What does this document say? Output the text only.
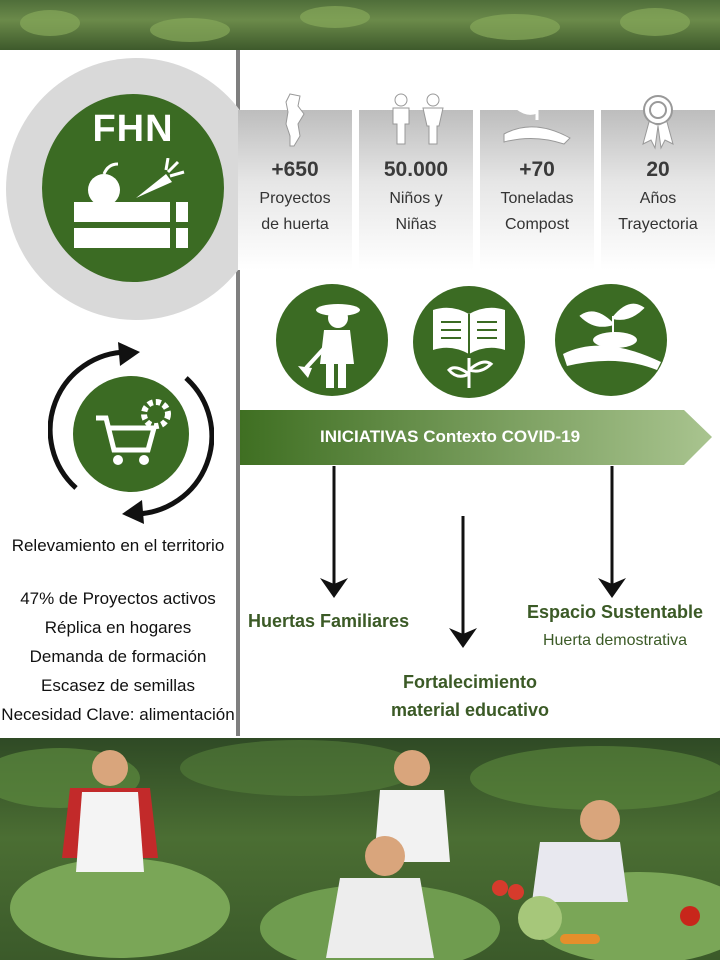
FHN
Relevamiento en el territorio
47% de Proyectos activos
Réplica en hogares
Demanda de formación
Escasez de semillas
Necesidad Clave: alimentación
+650
Proyectos
de huerta
50.000
Niños y
Niñas
+70
Toneladas
Compost
20
Años
Trayectoria
INICIATIVAS Contexto COVID-19
Huertas Familiares	Espacio Sustentable
Huerta demostrativa
Fortalecimiento
material educativo
